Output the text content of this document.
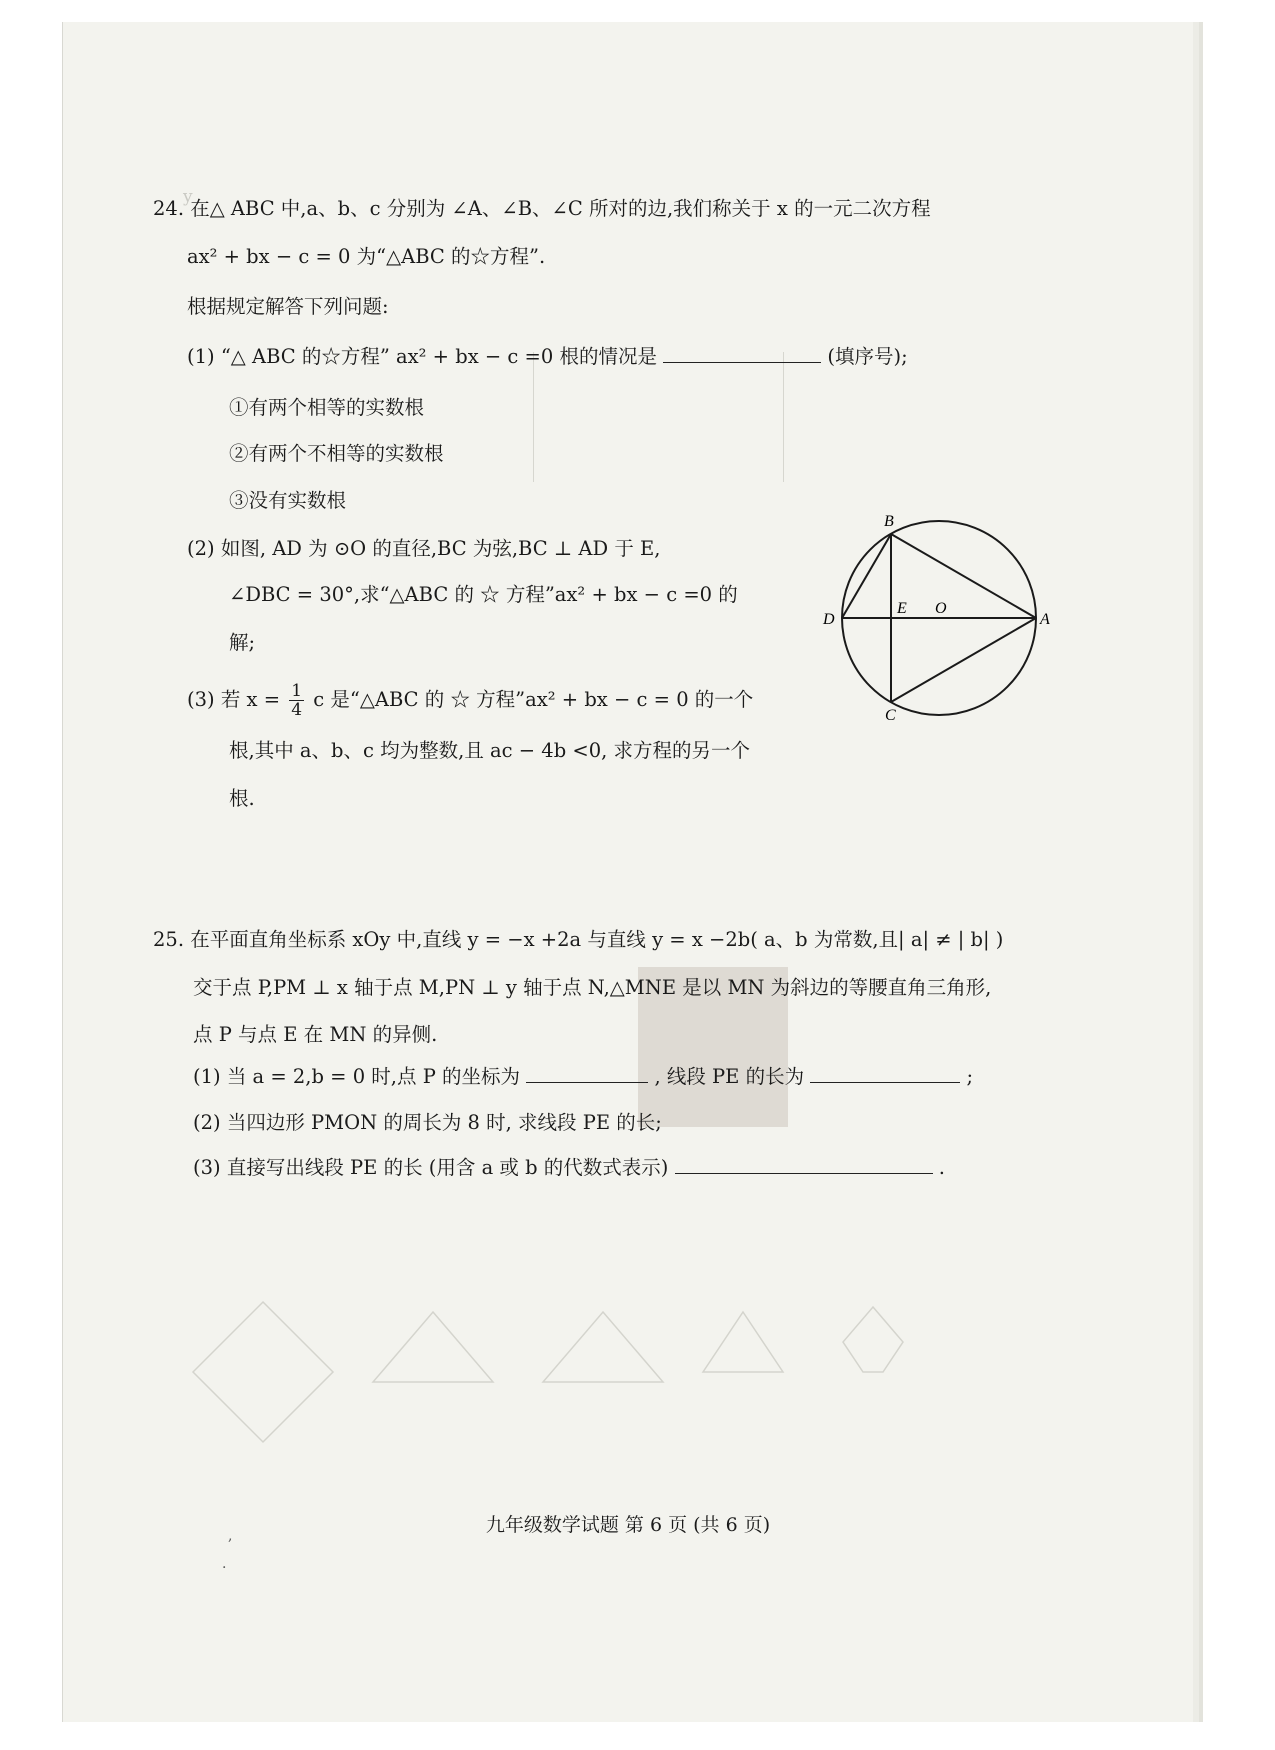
y
24. 在△ ABC 中,a、b、c 分别为 ∠A、∠B、∠C 所对的边,我们称关于 x 的一元二次方程
ax² + bx − c = 0 为“△ABC 的☆方程”.
根据规定解答下列问题:
(1) “△ ABC 的☆方程” ax² + bx − c =0 根的情况是	(填序号);
①有两个相等的实数根
②有两个不相等的实数根
③没有实数根
(2) 如图, AD 为 ⊙O 的直径,BC 为弦,BC ⊥ AD 于 E,
∠DBC = 30°,求“△ABC 的 ☆ 方程”ax² + bx − c =0 的
解;
(3) 若 $x = \frac{1}{4}$ c 是“△ABC 的 ☆ 方程”ax² + bx − c = 0 的一个
根,其中 a、b、c 均为整数,且 ac − 4b <0, 求方程的另一个
根.
B
D
E O
A
C
25. 在平面直角坐标系 xOy 中,直线 y = −x +2a 与直线 y = x −2b( a、b 为常数,且| a| ≠ | b| )
交于点 P,PM ⊥ x 轴于点 M,PN ⊥ y 轴于点 N,△MNE 是以 MN 为斜边的等腰直角三角形,
点 P 与点 E 在 MN 的异侧.
(1) 当 a = 2,b = 0 时,点 P 的坐标为	, 线段 PE 的长为	;
(2) 当四边形 PMON 的周长为 8 时, 求线段 PE 的长;
(3) 直接写出线段 PE 的长 (用含 a 或 b 的代数式表示)	.
九年级数学试题 第 6 页 (共 6 页)
,
·
